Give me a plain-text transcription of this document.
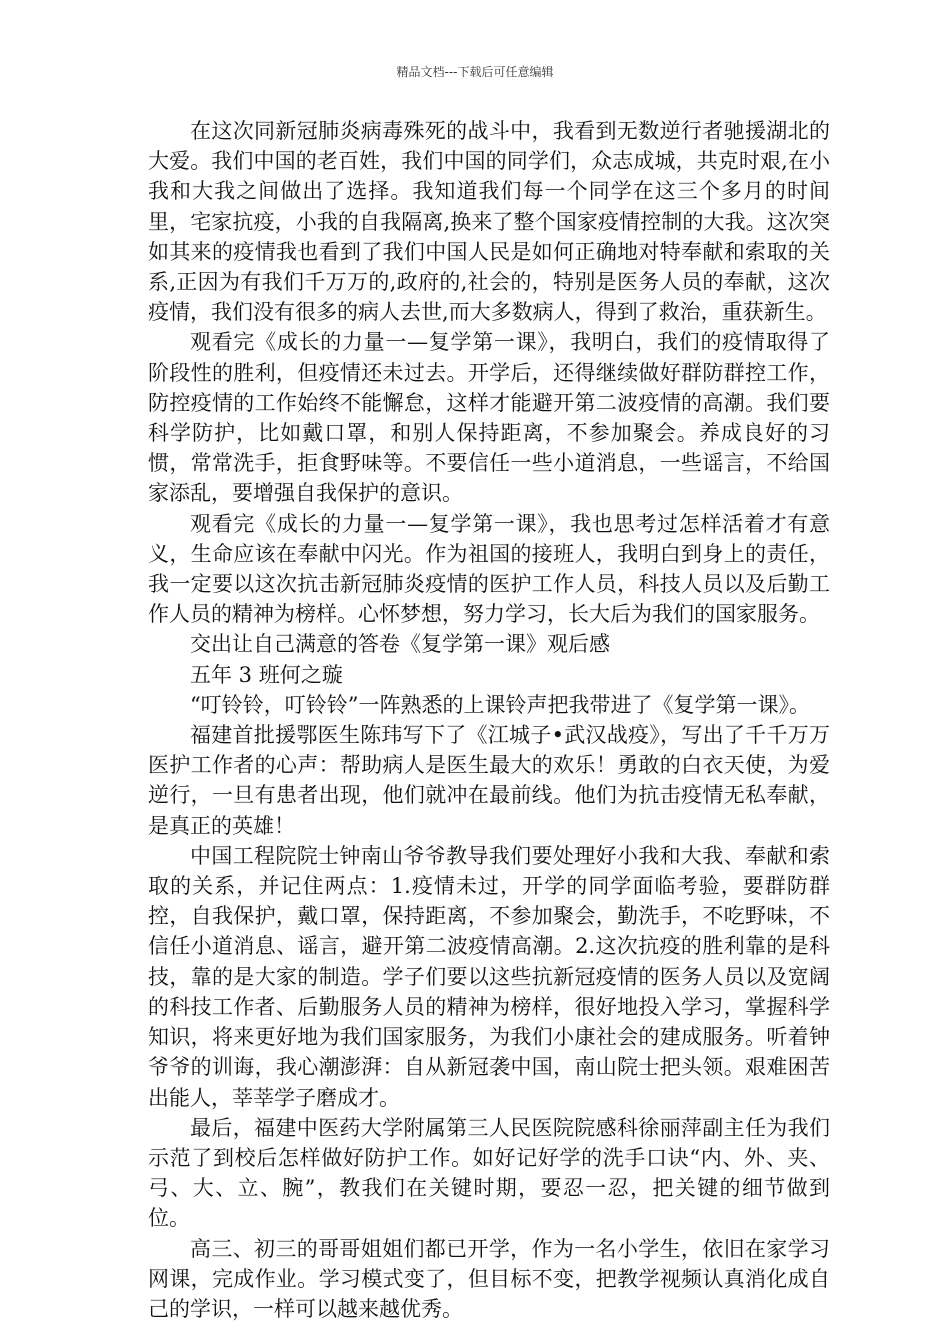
精品文档---下载后可任意编辑

在这次同新冠肺炎病毒殊死的战斗中，我看到无数逆行者驰援湖北的大爱。我们中国的老百姓，我们中国的同学们，众志成城，共克时艰,在小我和大我之间做出了选择。我知道我们每一个同学在这三个多月的时间里，宅家抗疫，小我的自我隔离,换来了整个国家疫情控制的大我。这次突如其来的疫情我也看到了我们中国人民是如何正确地对特奉献和索取的关系,正因为有我们千万万的,政府的,社会的，特别是医务人员的奉献，这次疫情，我们没有很多的病人去世,而大多数病人，得到了救治，重获新生。

观看完《成长的力量一—复学第一课》，我明白，我们的疫情取得了阶段性的胜利，但疫情还未过去。开学后，还得继续做好群防群控工作，防控疫情的工作始终不能懈怠，这样才能避开第二波疫情的高潮。我们要科学防护，比如戴口罩，和别人保持距离，不参加聚会。养成良好的习惯，常常洗手，拒食野味等。不要信任一些小道消息，一些谣言，不给国家添乱，要增强自我保护的意识。

观看完《成长的力量一—复学第一课》，我也思考过怎样活着才有意义，生命应该在奉献中闪光。作为祖国的接班人，我明白到身上的责任，我一定要以这次抗击新冠肺炎疫情的医护工作人员，科技人员以及后勤工作人员的精神为榜样。心怀梦想，努力学习，长大后为我们的国家服务。

交出让自己满意的答卷《复学第一课》观后感

五年 3 班何之璇

“叮铃铃，叮铃铃”一阵熟悉的上课铃声把我带进了《复学第一课》。

福建首批援鄂医生陈玮写下了《江城子•武汉战疫》，写出了千千万万医护工作者的心声：帮助病人是医生最大的欢乐！勇敢的白衣天使，为爱逆行，一旦有患者出现，他们就冲在最前线。他们为抗击疫情无私奉献，是真正的英雄！

中国工程院院士钟南山爷爷教导我们要处理好小我和大我、奉献和索取的关系，并记住两点：1.疫情未过，开学的同学面临考验，要群防群控，自我保护，戴口罩，保持距离，不参加聚会，勤洗手，不吃野味，不信任小道消息、谣言，避开第二波疫情高潮。2.这次抗疫的胜利靠的是科技，靠的是大家的制造。学子们要以这些抗新冠疫情的医务人员以及宽阔的科技工作者、后勤服务人员的精神为榜样，很好地投入学习，掌握科学知识，将来更好地为我们国家服务，为我们小康社会的建成服务。听着钟爷爷的训诲，我心潮澎湃：自从新冠袭中国，南山院士把头领。艰难困苦出能人，莘莘学子磨成才。

最后，福建中医药大学附属第三人民医院院感科徐丽萍副主任为我们示范了到校后怎样做好防护工作。如好记好学的洗手口诀“内、外、夹、弓、大、立、腕”，教我们在关键时期，要忍一忍，把关键的细节做到位。

高三、初三的哥哥姐姐们都已开学，作为一名小学生，依旧在家学习网课，完成作业。学习模式变了，但目标不变，把教学视频认真消化成自己的学识，一样可以越来越优秀。
